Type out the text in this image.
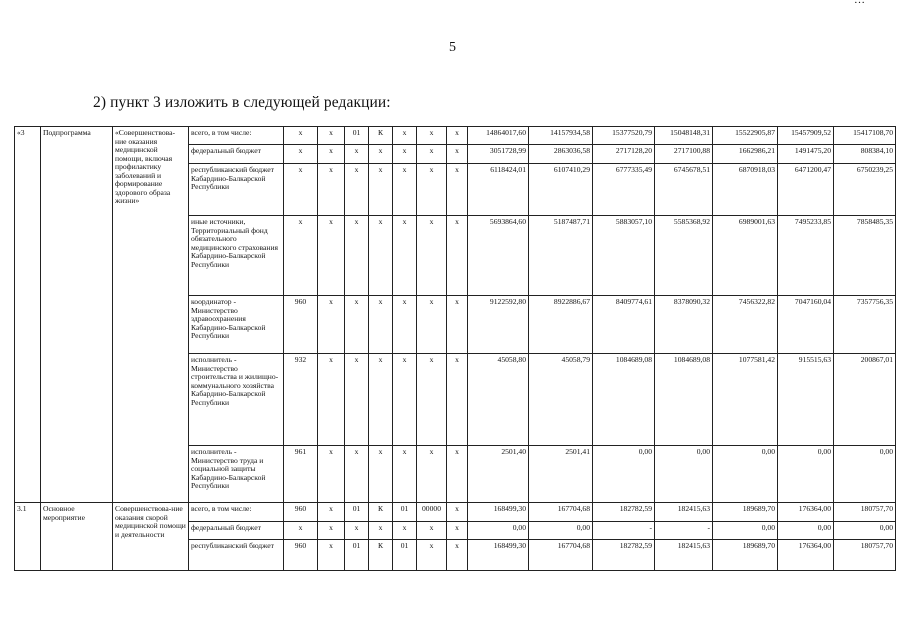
…
5
2) пункт 3 изложить в следующей редакции:
«3	Подпрограмма	«Совершенствова-ние оказания медицинской помощи, включая профилактику заболеваний и формирование здорового образа жизни»	всего, в том числе:	x	x	01	К	x	x	x	14864017,60	14157934,58	15377520,79	15048148,31	15522905,87	15457909,52	15417108,70
			федеральный бюджет	x	x	x	x	x	x	x	3051728,99	2863036,58	2717128,20	2717100,88	1662986,21	1491475,20	808384,10
			республиканский бюджет Кабардино-Балкарской Республики	x	x	x	x	x	x	x	6118424,01	6107410,29	6777335,49	6745678,51	6870918,03	6471200,47	6750239,25
			иные источники, Территориальный фонд обязательного медицинского страхования Кабардино-Балкарской Республики	x	x	x	x	x	x	x	5693864,60	5187487,71	5883057,10	5585368,92	6989001,63	7495233,85	7858485,35
			координатор - Министерство здравоохранения Кабардино-Балкарской Республики	960	x	x	x	x	x	x	9122592,80	8922886,67	8409774,61	8378090,32	7456322,82	7047160,04	7357756,35
			исполнитель - Министерство строительства и жилищно-коммунального хозяйства Кабардино-Балкарской Республики	932	x	x	x	x	x	x	45058,80	45058,79	1084689,08	1084689,08	1077581,42	915515,63	200867,01
			исполнитель - Министерство труда и социальной защиты Кабардино-Балкарской Республики	961	x	x	x	x	x	x	2501,40	2501,41	0,00	0,00	0,00	0,00	0,00
3.1	Основное мероприятие	Совершенствова-ние оказания скорой медицинской помощи и деятельности	всего, в том числе:	960	x	01	К	01	00000	x	168499,30	167704,68	182782,59	182415,63	189689,70	176364,00	180757,70
			федеральный бюджет	x	x	x	x	x	x	x	0,00	0,00	-	-	0,00	0,00	0,00
			республиканский бюджет	960	x	01	К	01	x	x	168499,30	167704,68	182782,59	182415,63	189689,70	176364,00	180757,70
